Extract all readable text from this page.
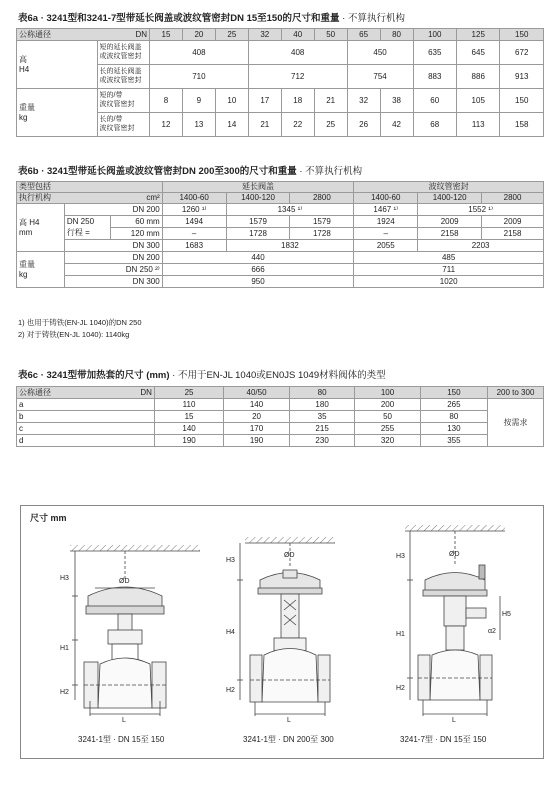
表6a · 3241型和3241-7型带延长阀盖或波纹管密封DN 15至150的尺寸和重量 · 不算执行机构
公称通径	DN	15	20	25	32	40	50	65	80	100	125	150
高
H4	短的延长阀盖
或波纹管密封	408			408			450		635	645	672
	长的延长阀盖
或波纹管密封	710			712			754		883	886	913
重量
kg	短的/带
波纹管密封	8	9	10	17	18	21	32	38	60	105	150
	长的/带
波纹管密封	12	13	14	21	22	25	26	42	68	113	158
表6b · 3241型带延长阀盖或波纹管密封DN 200至300的尺寸和重量 · 不算执行机构
类型包括			延长阀盖			波纹管密封		
执行机构		cm²	1400-60	1400-120	2800	1400-60	1400-120	2800
高 H4
mm	DN 200		1260 ¹⁾	1345 ¹⁾		1467 ¹⁾	1552 ¹⁾	
	DN 250	60 mm	1494	1579	1579	1924	2009	2009
	行程 =	120 mm	–	1728	1728	–	2158	2158
	DN 300		1683	1832		2055	2203	
重量
kg	DN 200		440			485		
	DN 250 ²⁾		666			711		
	DN 300		950			1020		
1) 也用于铸铁(EN-JL 1040)的DN 250
2) 对于铸铁(EN-JL 1040): 1140kg
表6c · 3241型带加热套的尺寸 (mm) · 不用于EN-JL 1040或EN0JS 1049材料阀体的类型
公称通径	DN	25	40/50	80	100	150	200 to 300
a		110	140	180	200	265	按需求
b		15	20	35	50	80	
c		140	170	215	255	130	
d		190	190	230	320	355	
尺寸 mm
ØD
H3
H1
H2
L
ØD
H3
H4
H2
L
ØD
H3
H1
H2
H5
α2
L
3241-1型 · DN 15至 150	3241-1型 · DN 200至 300	3241-7型 · DN 15至 150
